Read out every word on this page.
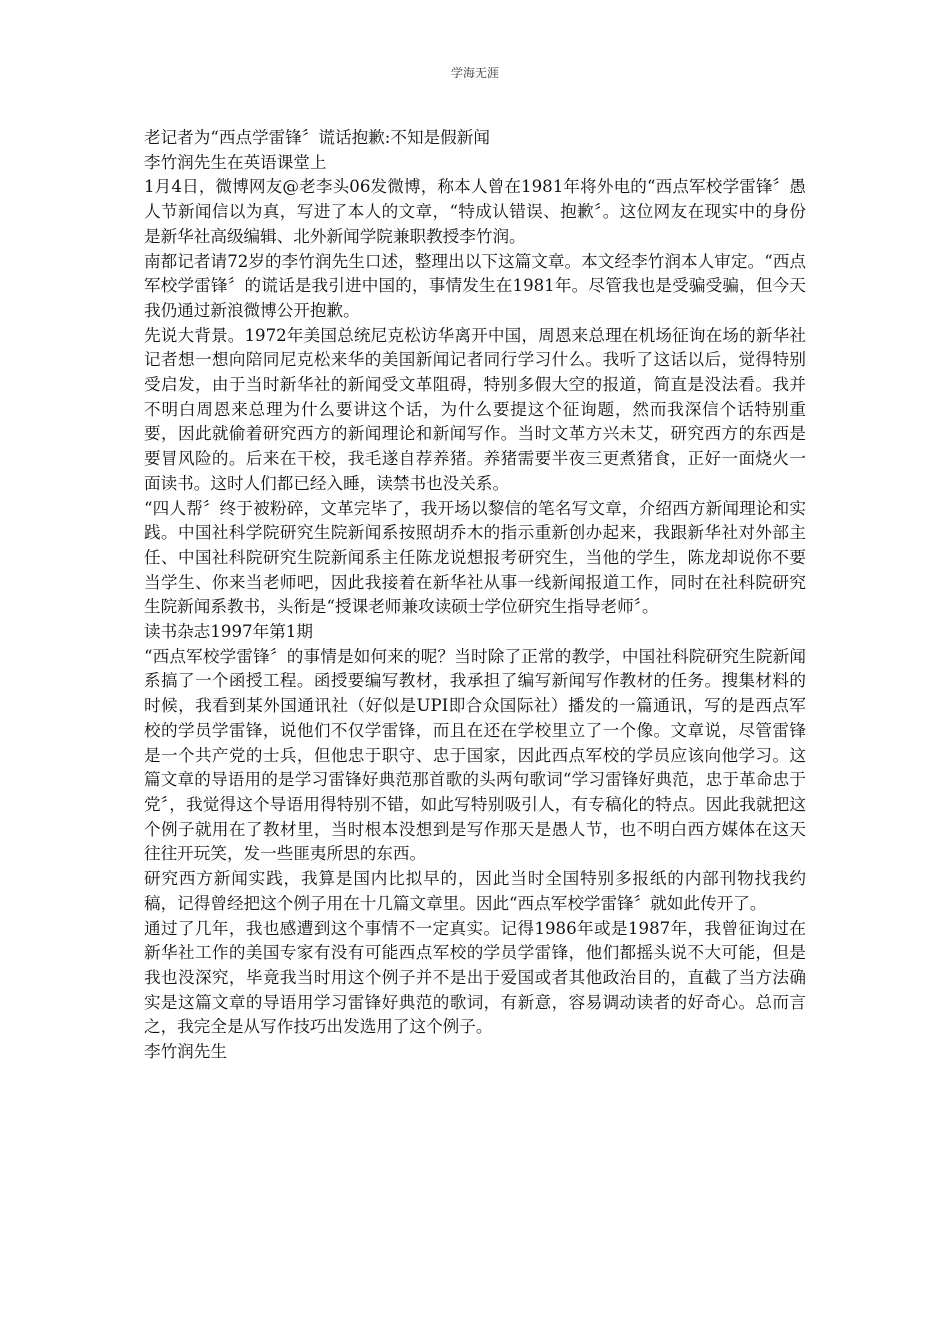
学海无涯

老记者为“西点学雷锋〞谎话抱歉:不知是假新闻

李竹润先生在英语课堂上

1月4日，微博网友@老李头06发微博，称本人曾在1981年将外电的“西点军校学雷锋〞愚人节新闻信以为真，写进了本人的文章，“特成认错误、抱歉〞。这位网友在现实中的身份是新华社高级编辑、北外新闻学院兼职教授李竹润。

南都记者请72岁的李竹润先生口述，整理出以下这篇文章。本文经李竹润本人审定。“西点军校学雷锋〞的谎话是我引进中国的，事情发生在1981年。尽管我也是受骗受骗，但今天我仍通过新浪微博公开抱歉。

先说大背景。1972年美国总统尼克松访华离开中国，周恩来总理在机场征询在场的新华社记者想一想向陪同尼克松来华的美国新闻记者同行学习什么。我听了这话以后，觉得特别受启发，由于当时新华社的新闻受文革阻碍，特别多假大空的报道，简直是没法看。我并不明白周恩来总理为什么要讲这个话，为什么要提这个征询题，然而我深信个话特别重要，因此就偷着研究西方的新闻理论和新闻写作。当时文革方兴未艾，研究西方的东西是要冒风险的。后来在干校，我毛遂自荐养猪。养猪需要半夜三更煮猪食，正好一面烧火一面读书。这时人们都已经入睡，读禁书也没关系。

“四人帮〞终于被粉碎，文革完毕了，我开场以黎信的笔名写文章，介绍西方新闻理论和实践。中国社科学院研究生院新闻系按照胡乔木的指示重新创办起来，我跟新华社对外部主任、中国社科院研究生院新闻系主任陈龙说想报考研究生，当他的学生，陈龙却说你不要当学生、你来当老师吧，因此我接着在新华社从事一线新闻报道工作，同时在社科院研究生院新闻系教书，头衔是“授课老师兼攻读硕士学位研究生指导老师〞。

读书杂志1997年第1期

“西点军校学雷锋〞的事情是如何来的呢？当时除了正常的教学，中国社科院研究生院新闻系搞了一个函授工程。函授要编写教材，我承担了编写新闻写作教材的任务。搜集材料的时候，我看到某外国通讯社（好似是UPI即合众国际社）播发的一篇通讯，写的是西点军校的学员学雷锋，说他们不仅学雷锋，而且在还在学校里立了一个像。文章说，尽管雷锋是一个共产党的士兵，但他忠于职守、忠于国家，因此西点军校的学员应该向他学习。这篇文章的导语用的是学习雷锋好典范那首歌的头两句歌词“学习雷锋好典范，忠于革命忠于党〞，我觉得这个导语用得特别不错，如此写特别吸引人，有专稿化的特点。因此我就把这个例子就用在了教材里，当时根本没想到是写作那天是愚人节，也不明白西方媒体在这天往往开玩笑，发一些匪夷所思的东西。

研究西方新闻实践，我算是国内比拟早的，因此当时全国特别多报纸的内部刊物找我约稿，记得曾经把这个例子用在十几篇文章里。因此“西点军校学雷锋〞就如此传开了。

通过了几年，我也感遭到这个事情不一定真实。记得1986年或是1987年，我曾征询过在新华社工作的美国专家有没有可能西点军校的学员学雷锋，他们都摇头说不大可能，但是我也没深究，毕竟我当时用这个例子并不是出于爱国或者其他政治目的，直截了当方法确实是这篇文章的导语用学习雷锋好典范的歌词，有新意，容易调动读者的好奇心。总而言之，我完全是从写作技巧出发选用了这个例子。

李竹润先生
